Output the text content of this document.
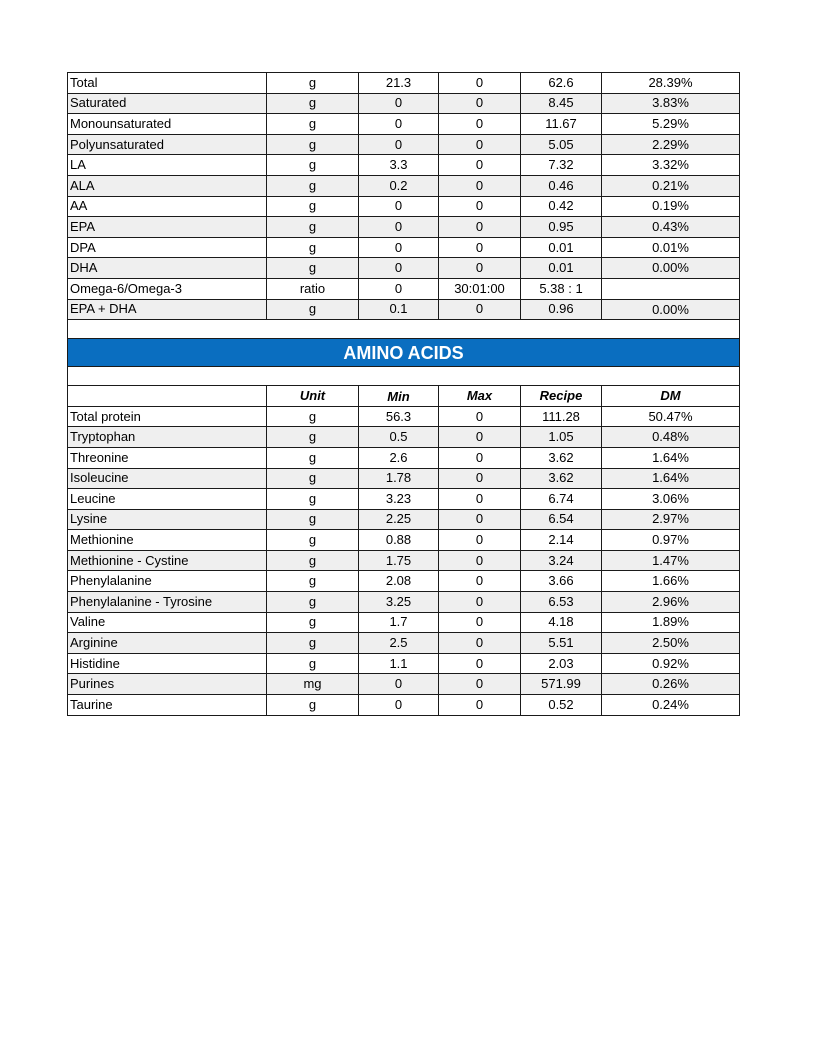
Total	g	21.3	0	62.6	28.39%
Saturated	g	0	0	8.45	3.83%
Monounsaturated	g	0	0	11.67	5.29%
Polyunsaturated	g	0	0	5.05	2.29%
LA	g	3.3	0	7.32	3.32%
ALA	g	0.2	0	0.46	0.21%
AA	g	0	0	0.42	0.19%
EPA	g	0	0	0.95	0.43%
DPA	g	0	0	0.01	0.01%
DHA	g	0	0	0.01	0.00%
Omega-6/Omega-3	ratio	0	30:01:00	5.38 : 1	
EPA + DHA	g	0.1	0	0.96	0.00%

AMINO ACIDS					

	Unit	Min	Max	Recipe	DM
Total protein	g	56.3	0	111.28	50.47%
Tryptophan	g	0.5	0	1.05	0.48%
Threonine	g	2.6	0	3.62	1.64%
Isoleucine	g	1.78	0	3.62	1.64%
Leucine	g	3.23	0	6.74	3.06%
Lysine	g	2.25	0	6.54	2.97%
Methionine	g	0.88	0	2.14	0.97%
Methionine - Cystine	g	1.75	0	3.24	1.47%
Phenylalanine	g	2.08	0	3.66	1.66%
Phenylalanine - Tyrosine	g	3.25	0	6.53	2.96%
Valine	g	1.7	0	4.18	1.89%
Arginine	g	2.5	0	5.51	2.50%
Histidine	g	1.1	0	2.03	0.92%
Purines	mg	0	0	571.99	0.26%
Taurine	g	0	0	0.52	0.24%
